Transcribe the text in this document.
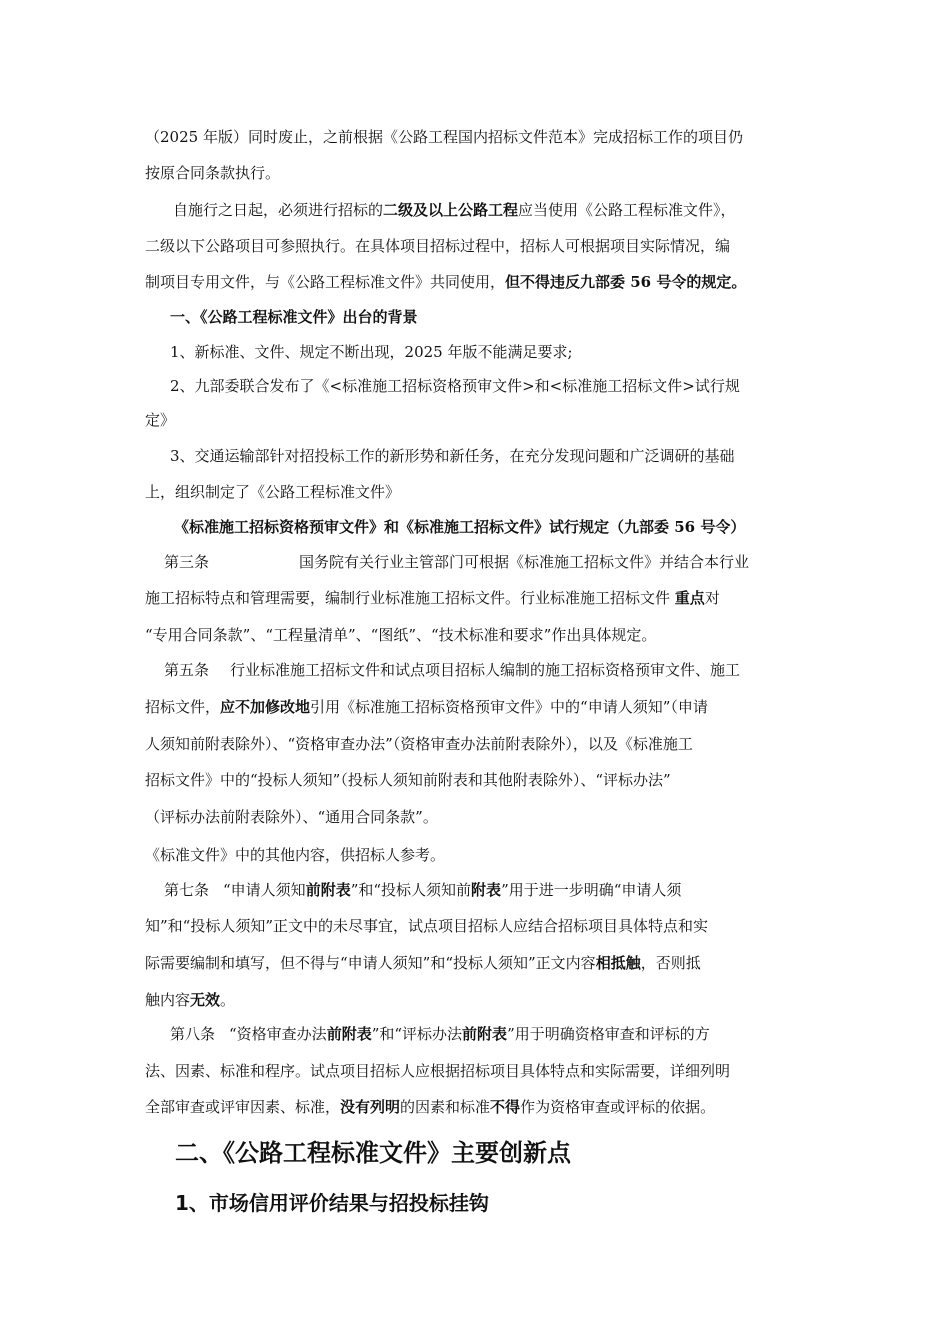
（2025 年版）同时废止，之前根据《公路工程国内招标文件范本》完成招标工作的项目仍
按原合同条款执行。
自施行之日起，必须进行招标的二级及以上公路工程应当使用《公路工程标准文件》，
二级以下公路项目可参照执行。在具体项目招标过程中，招标人可根据项目实际情况，编
制项目专用文件，与《公路工程标准文件》共同使用，但不得违反九部委 56 号令的规定。
一、《公路工程标准文件》出台的背景
1、新标准、文件、规定不断出现，2025 年版不能满足要求;
2、九部委联合发布了《<标准施工招标资格预审文件>和<标准施工招标文件>试行规
定》
3、交通运输部针对招投标工作的新形势和新任务，在充分发现问题和广泛调研的基础
上，组织制定了《公路工程标准文件》
《标准施工招标资格预审文件》和《标准施工招标文件》试行规定（九部委 56 号令）
第三条	国务院有关行业主管部门可根据《标准施工招标文件》并结合本行业
施工招标特点和管理需要，编制行业标准施工招标文件。行业标准施工招标文件 重点对
“专用合同条款”、“工程量清单”、“图纸”、“技术标准和要求”作出具体规定。
第五条 行业标准施工招标文件和试点项目招标人编制的施工招标资格预审文件、施工
招标文件，应不加修改地引用《标准施工招标资格预审文件》中的“申请人须知”（申请
人须知前附表除外）、“资格审查办法”（资格审查办法前附表除外），以及《标准施工
招标文件》中的“投标人须知”（投标人须知前附表和其他附表除外）、“评标办法”
（评标办法前附表除外）、“通用合同条款”。
《标准文件》中的其他内容，供招标人参考。
第七条 “申请人须知前附表”和“投标人须知前附表”用于进一步明确“申请人须
知”和“投标人须知”正文中的未尽事宜，试点项目招标人应结合招标项目具体特点和实
际需要编制和填写，但不得与“申请人须知”和“投标人须知”正文内容相抵触，否则抵
触内容无效。
第八条 “资格审查办法前附表”和“评标办法前附表”用于明确资格审查和评标的方
法、因素、标准和程序。试点项目招标人应根据招标项目具体特点和实际需要，详细列明
全部审查或评审因素、标准，没有列明的因素和标准不得作为资格审查或评标的依据。
二、《公路工程标准文件》主要创新点
1、市场信用评价结果与招投标挂钩
